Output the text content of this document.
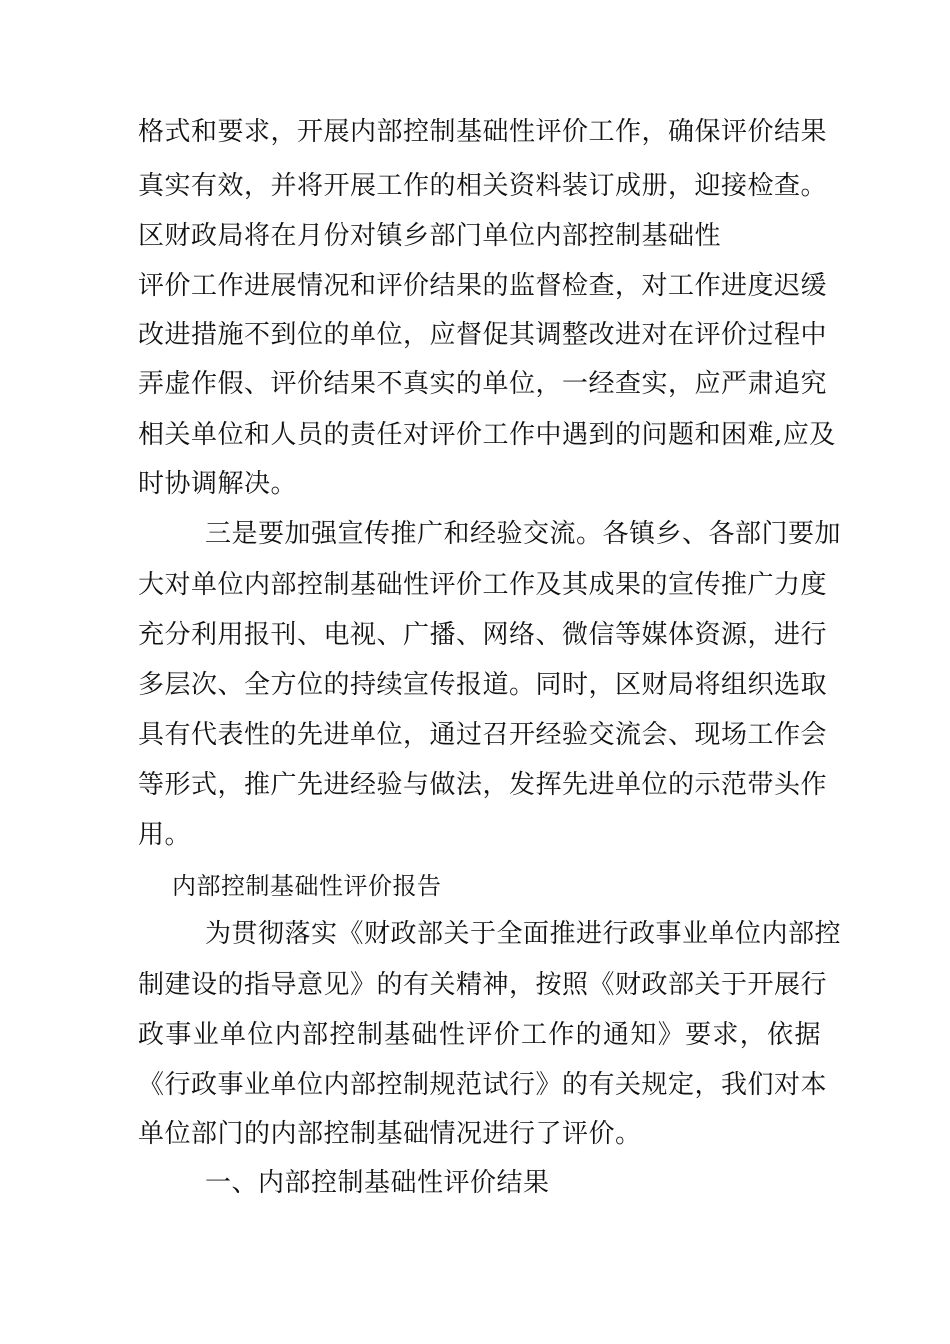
格式和要求，开展内部控制基础性评价工作，确保评价结果
真实有效，并将开展工作的相关资料装订成册，迎接检查。
区财政局将在月份对镇乡部门单位内部控制基础性
评价工作进展情况和评价结果的监督检查，对工作进度迟缓
改进措施不到位的单位，应督促其调整改进对在评价过程中
弄虚作假、评价结果不真实的单位，一经查实，应严肃追究
相关单位和人员的责任对评价工作中遇到的问题和困难,应及
时协调解决。
三是要加强宣传推广和经验交流。各镇乡、各部门要加
大对单位内部控制基础性评价工作及其成果的宣传推广力度
充分利用报刊、电视、广播、网络、微信等媒体资源，进行
多层次、全方位的持续宣传报道。同时，区财局将组织选取
具有代表性的先进单位，通过召开经验交流会、现场工作会
等形式，推广先进经验与做法，发挥先进单位的示范带头作
用。
内部控制基础性评价报告
为贯彻落实《财政部关于全面推进行政事业单位内部控
制建设的指导意见》的有关精神，按照《财政部关于开展行
政事业单位内部控制基础性评价工作的通知》要求，依据
《行政事业单位内部控制规范试行》的有关规定，我们对本
单位部门的内部控制基础情况进行了评价。
一、内部控制基础性评价结果
